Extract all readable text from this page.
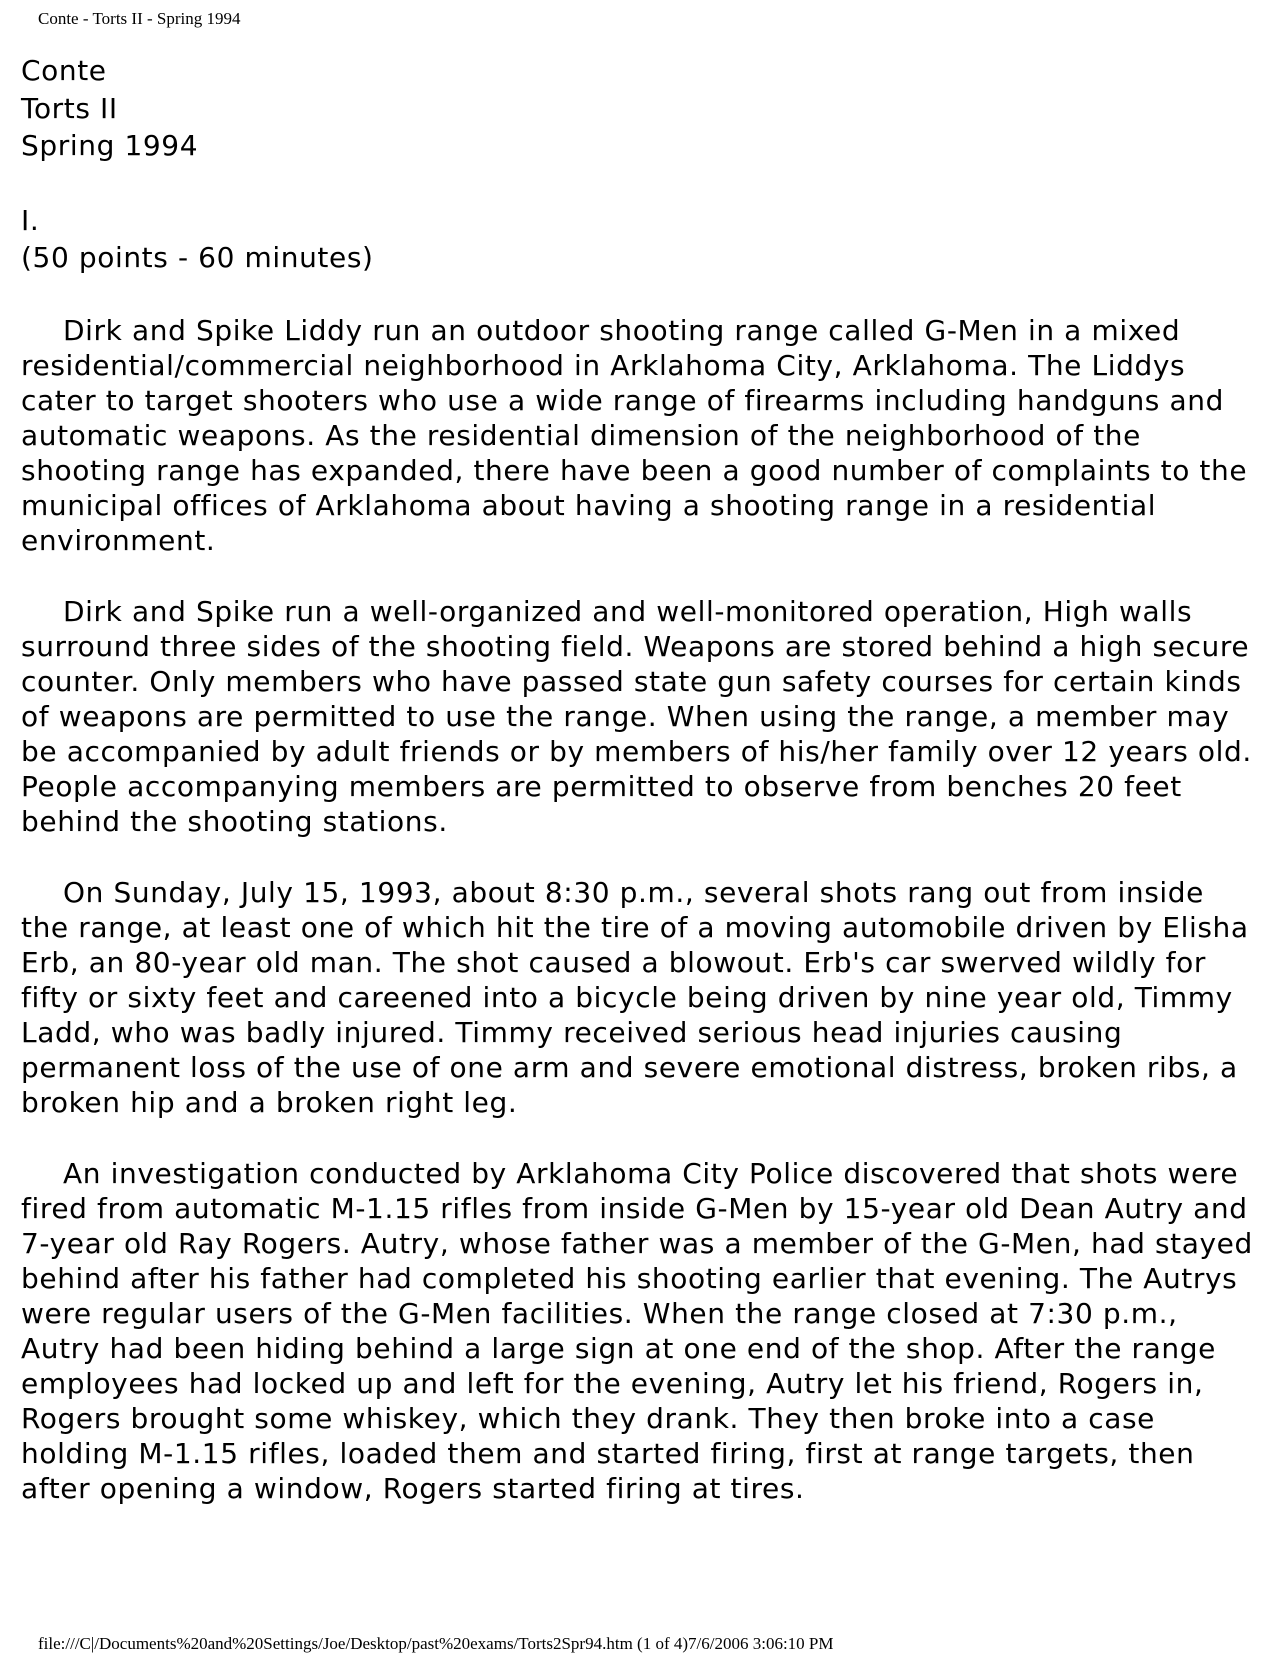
Conte - Torts II - Spring 1994
Conte
Torts II
Spring 1994
I.
(50 points - 60 minutes)

Dirk and Spike Liddy run an outdoor shooting range called G-Men in a mixed residential/commercial neighborhood in Arklahoma City, Arklahoma. The Liddys cater to target shooters who use a wide range of firearms including handguns and automatic weapons. As the residential dimension of the neighborhood of the shooting range has expanded, there have been a good number of complaints to the municipal offices of Arklahoma about having a shooting range in a residential environment.

Dirk and Spike run a well-organized and well-monitored operation, High walls surround three sides of the shooting field. Weapons are stored behind a high secure counter. Only members who have passed state gun safety courses for certain kinds of weapons are permitted to use the range. When using the range, a member may be accompanied by adult friends or by members of his/her family over 12 years old. People accompanying members are permitted to observe from benches 20 feet behind the shooting stations.

On Sunday, July 15, 1993, about 8:30 p.m., several shots rang out from inside the range, at least one of which hit the tire of a moving automobile driven by Elisha Erb, an 80-year old man. The shot caused a blowout. Erb's car swerved wildly for fifty or sixty feet and careened into a bicycle being driven by nine year old, Timmy Ladd, who was badly injured. Timmy received serious head injuries causing permanent loss of the use of one arm and severe emotional distress, broken ribs, a broken hip and a broken right leg.

An investigation conducted by Arklahoma City Police discovered that shots were fired from automatic M-1.15 rifles from inside G-Men by 15-year old Dean Autry and 7-year old Ray Rogers. Autry, whose father was a member of the G-Men, had stayed behind after his father had completed his shooting earlier that evening. The Autrys were regular users of the G-Men facilities. When the range closed at 7:30 p.m., Autry had been hiding behind a large sign at one end of the shop. After the range employees had locked up and left for the evening, Autry let his friend, Rogers in, Rogers brought some whiskey, which they drank. They then broke into a case holding M-1.15 rifles, loaded them and started firing, first at range targets, then after opening a window, Rogers started firing at tires.

file:///C|/Documents%20and%20Settings/Joe/Desktop/past%20exams/Torts2Spr94.htm (1 of 4)7/6/2006 3:06:10 PM
